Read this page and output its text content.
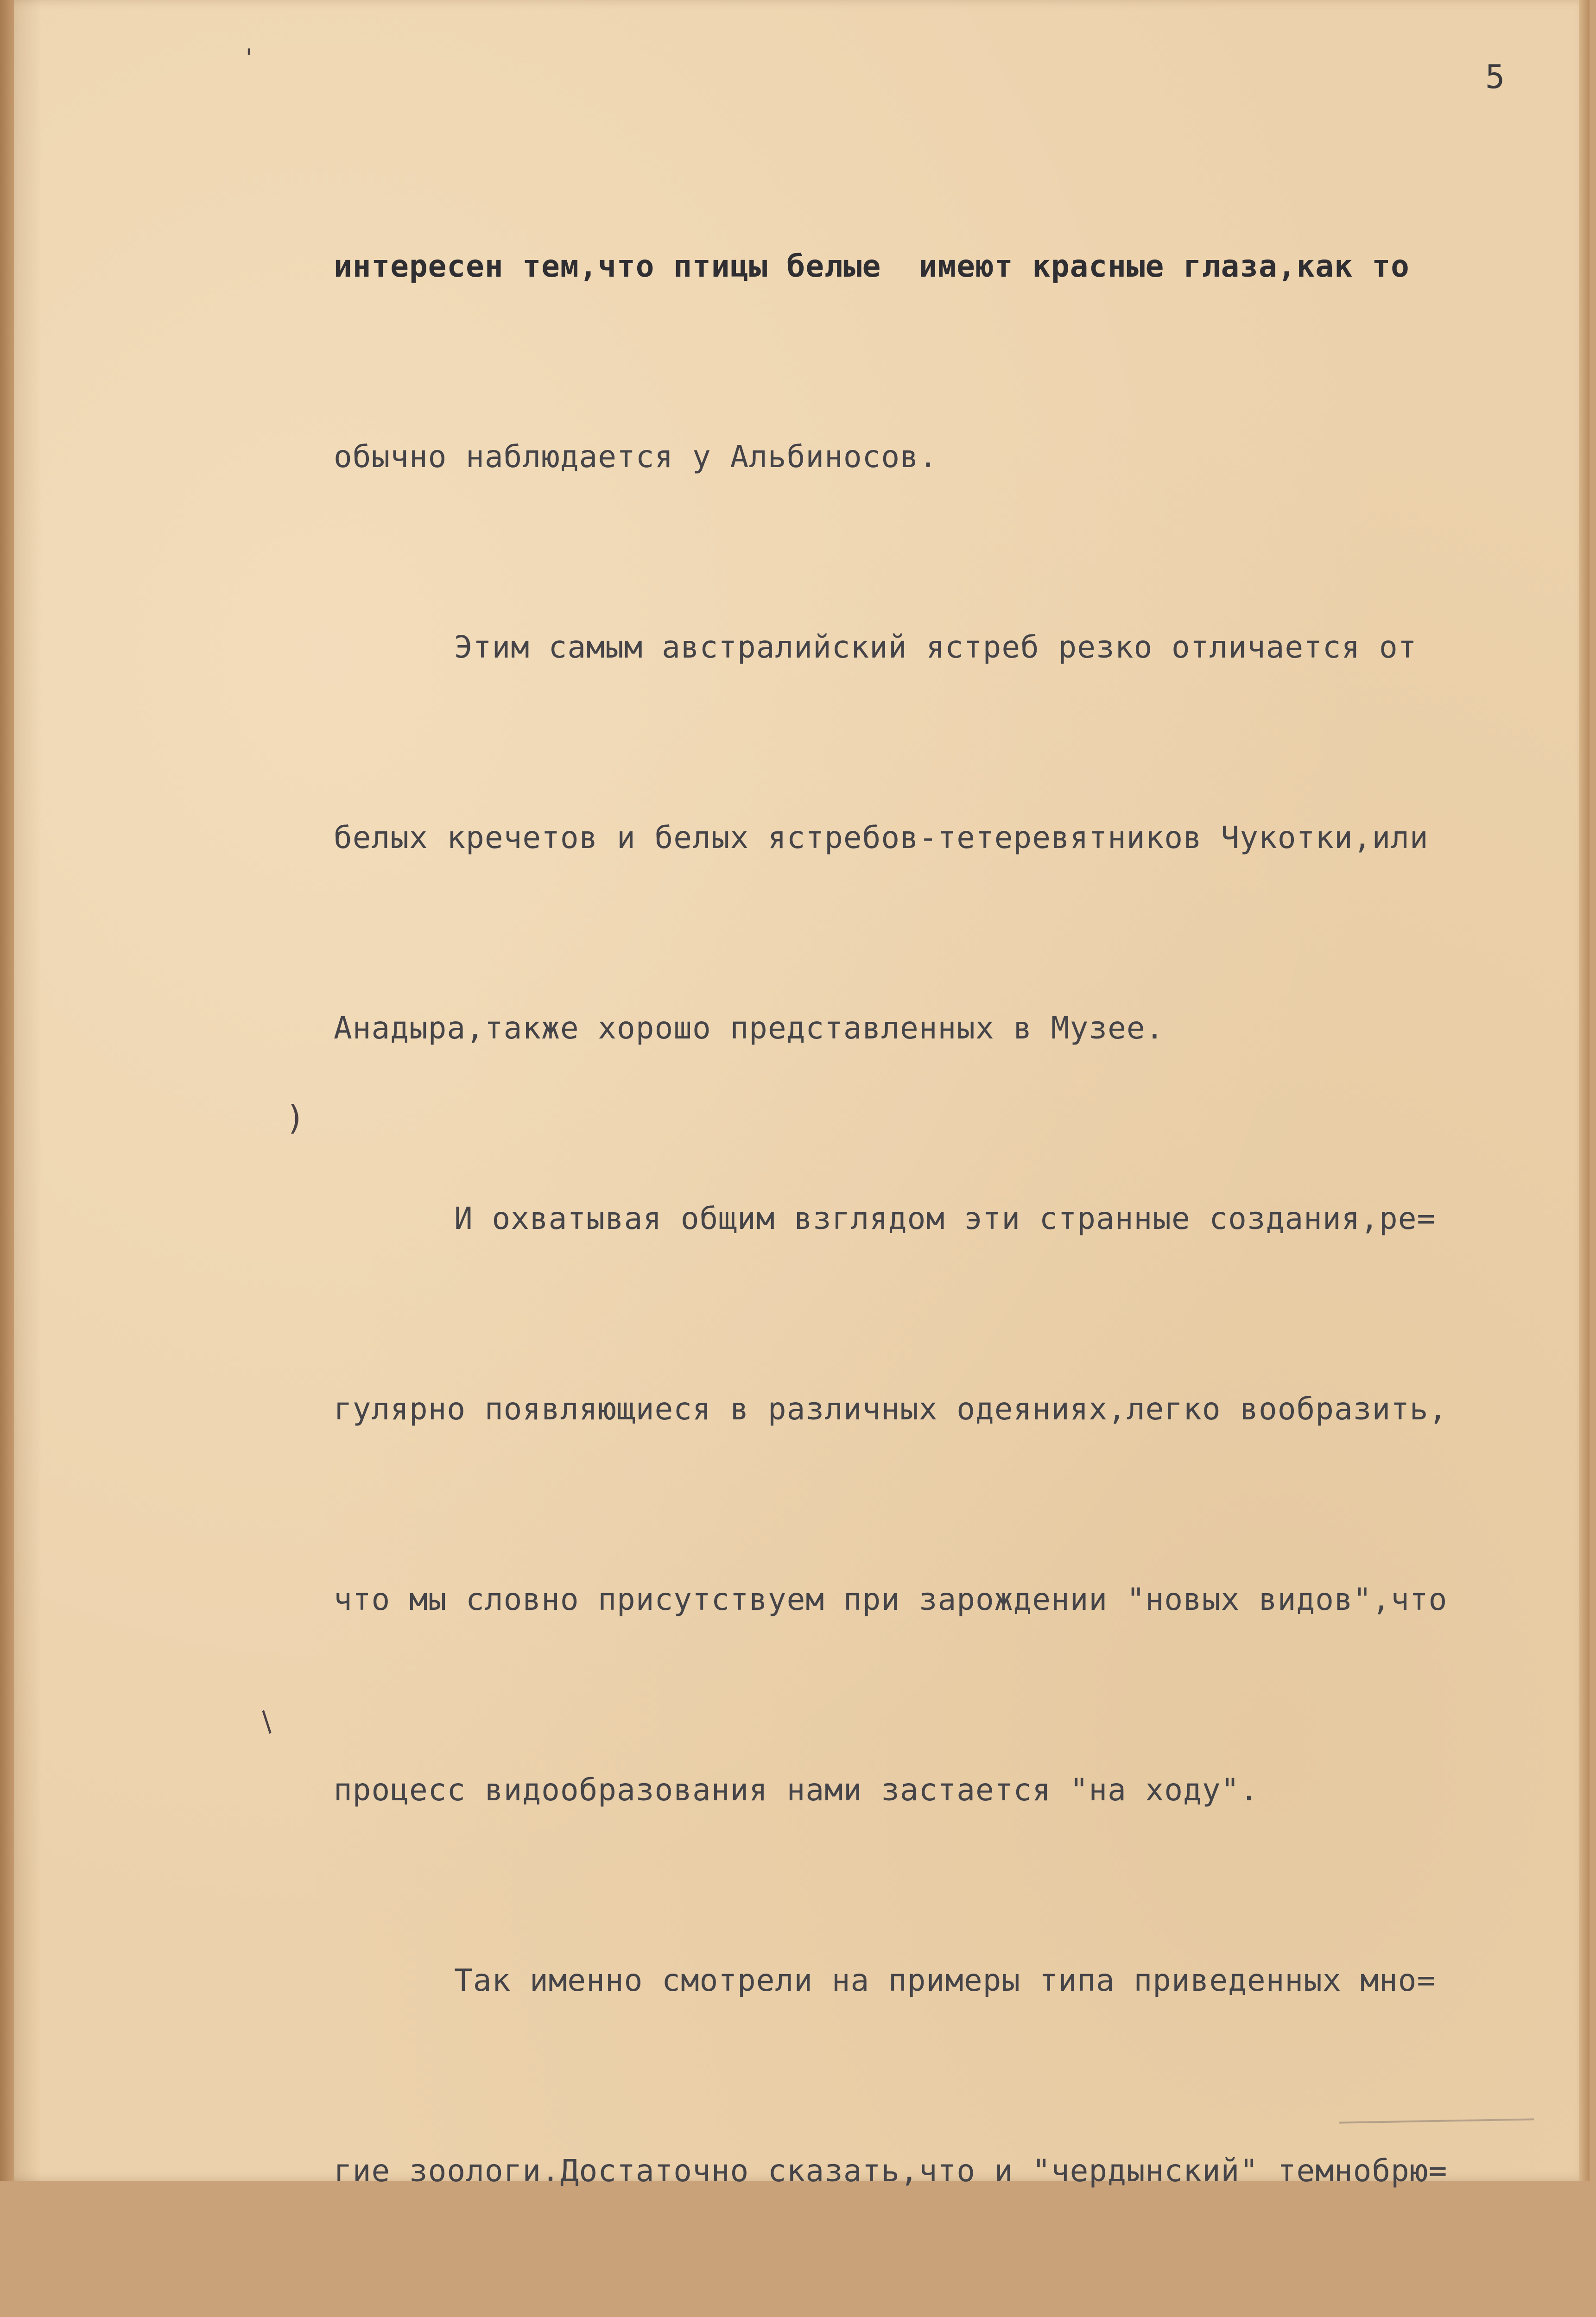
5
'
)
/

интересен тем,что птицы белые  имеют красные глаза,как то

обычно наблюдается у Альбиносов.

Этим самым австралийский ястреб резко отличается от

белых кречетов и белых ястребов-тетеревятников Чукотки,или

Анадыра,также хорошо представленных в Музее.

И охватывая общим взглядом эти странные создания,ре=

гулярно появляющиеся в различных одеяниях,легко вообразить,

что мы словно присутствуем при зарождении "новых видов",что

процесс видообразования нами застается "на ходу".

Так именно смотрели на примеры типа приведенных мно=

гие зоологи.Достаточно сказать,что и "чердынский" темнобрю=
